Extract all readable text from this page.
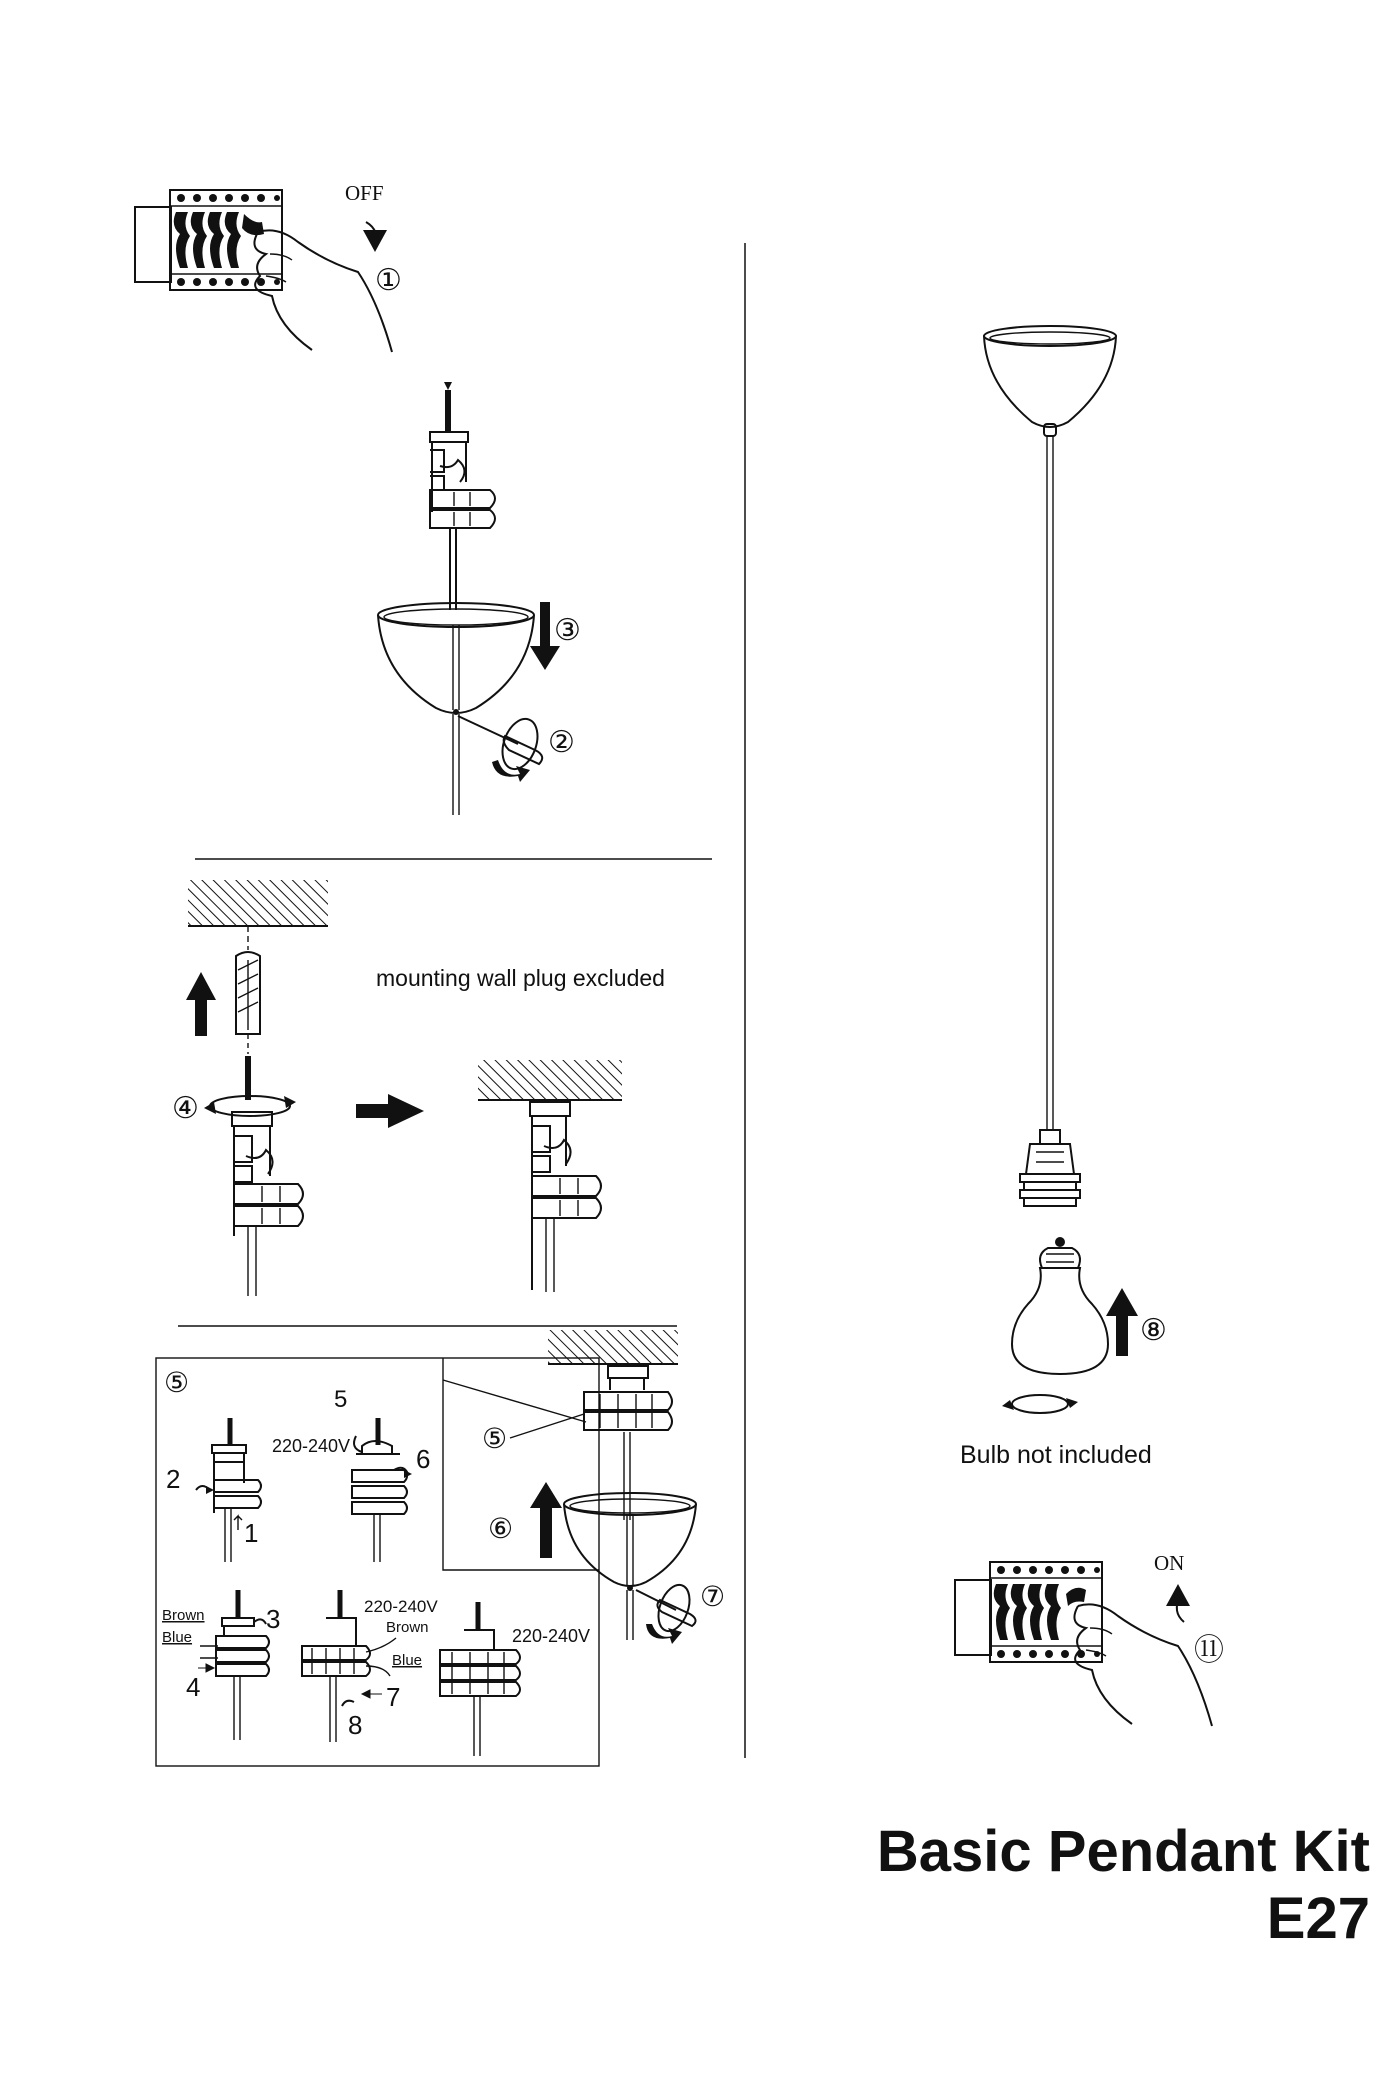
OFF
①
③
②
④
mounting wall plug excluded
⑤
5
220-240V	6
2
1
Brown
Blue
3
4
220-240V
Brown
Blue
7
8
220-240V
⑤
⑥
⑦
⑧
Bulb not included
ON
⑪
Basic Pendant Kit E27
